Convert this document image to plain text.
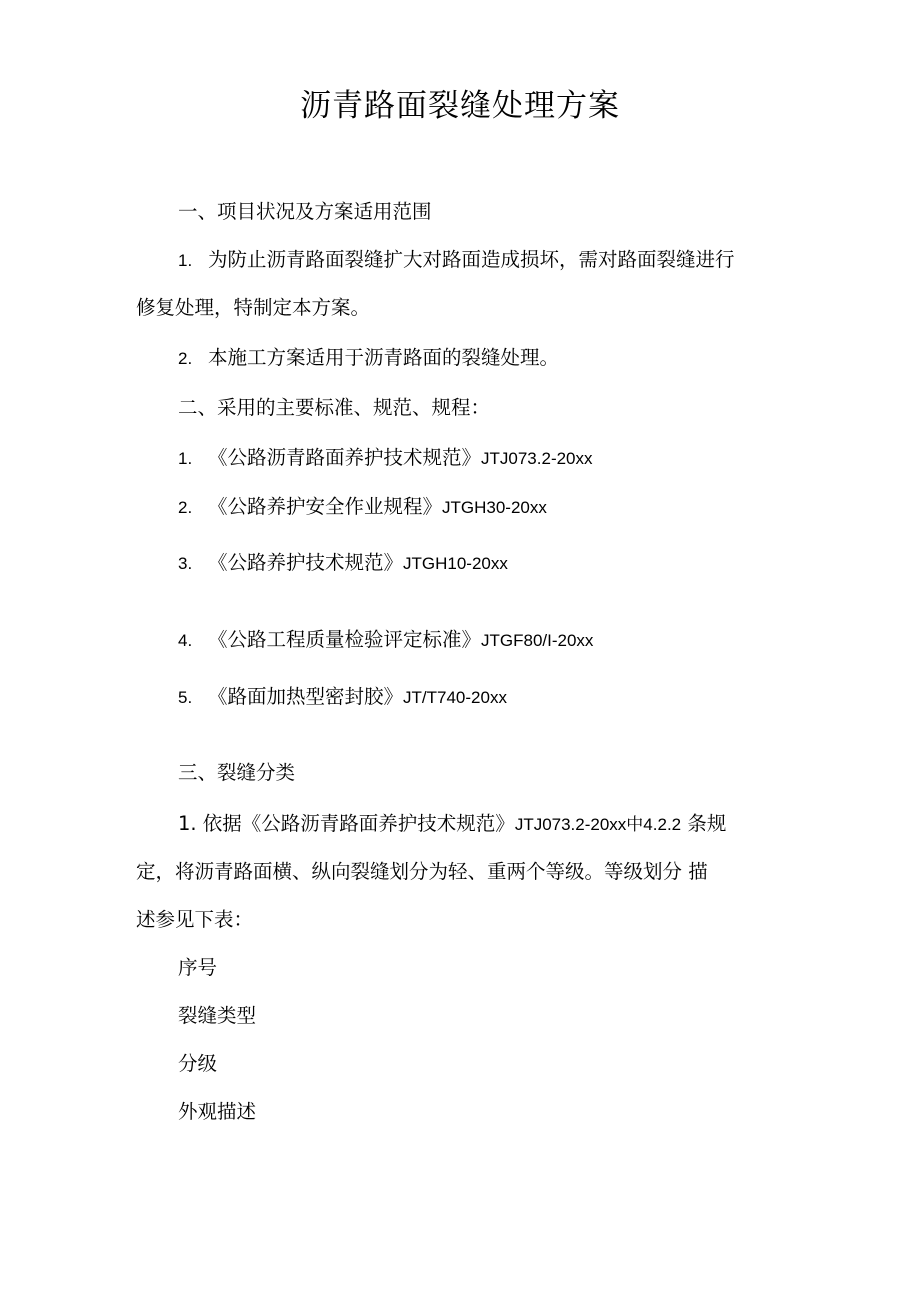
沥青路面裂缝处理方案
一、项目状况及方案适用范围
1. 为防止沥青路面裂缝扩大对路面造成损坏，需对路面裂缝进行
修复处理，特制定本方案。
2. 本施工方案适用于沥青路面的裂缝处理。
二、采用的主要标准、规范、规程：
1. 《公路沥青路面养护技术规范》JTJ073.2-20xx
2. 《公路养护安全作业规程》JTGH30-20xx
3. 《公路养护技术规范》JTGH10-20xx
4. 《公路工程质量检验评定标准》JTGF80/I-20xx
5. 《路面加热型密封胶》JT/T740-20xx
三、裂缝分类
1. 依据《公路沥青路面养护技术规范》JTJ073.2-20xx中4.2.2 条规
定，将沥青路面横、纵向裂缝划分为轻、重两个等级。等级划分 描
述参见下表：
序号
裂缝类型
分级
外观描述
